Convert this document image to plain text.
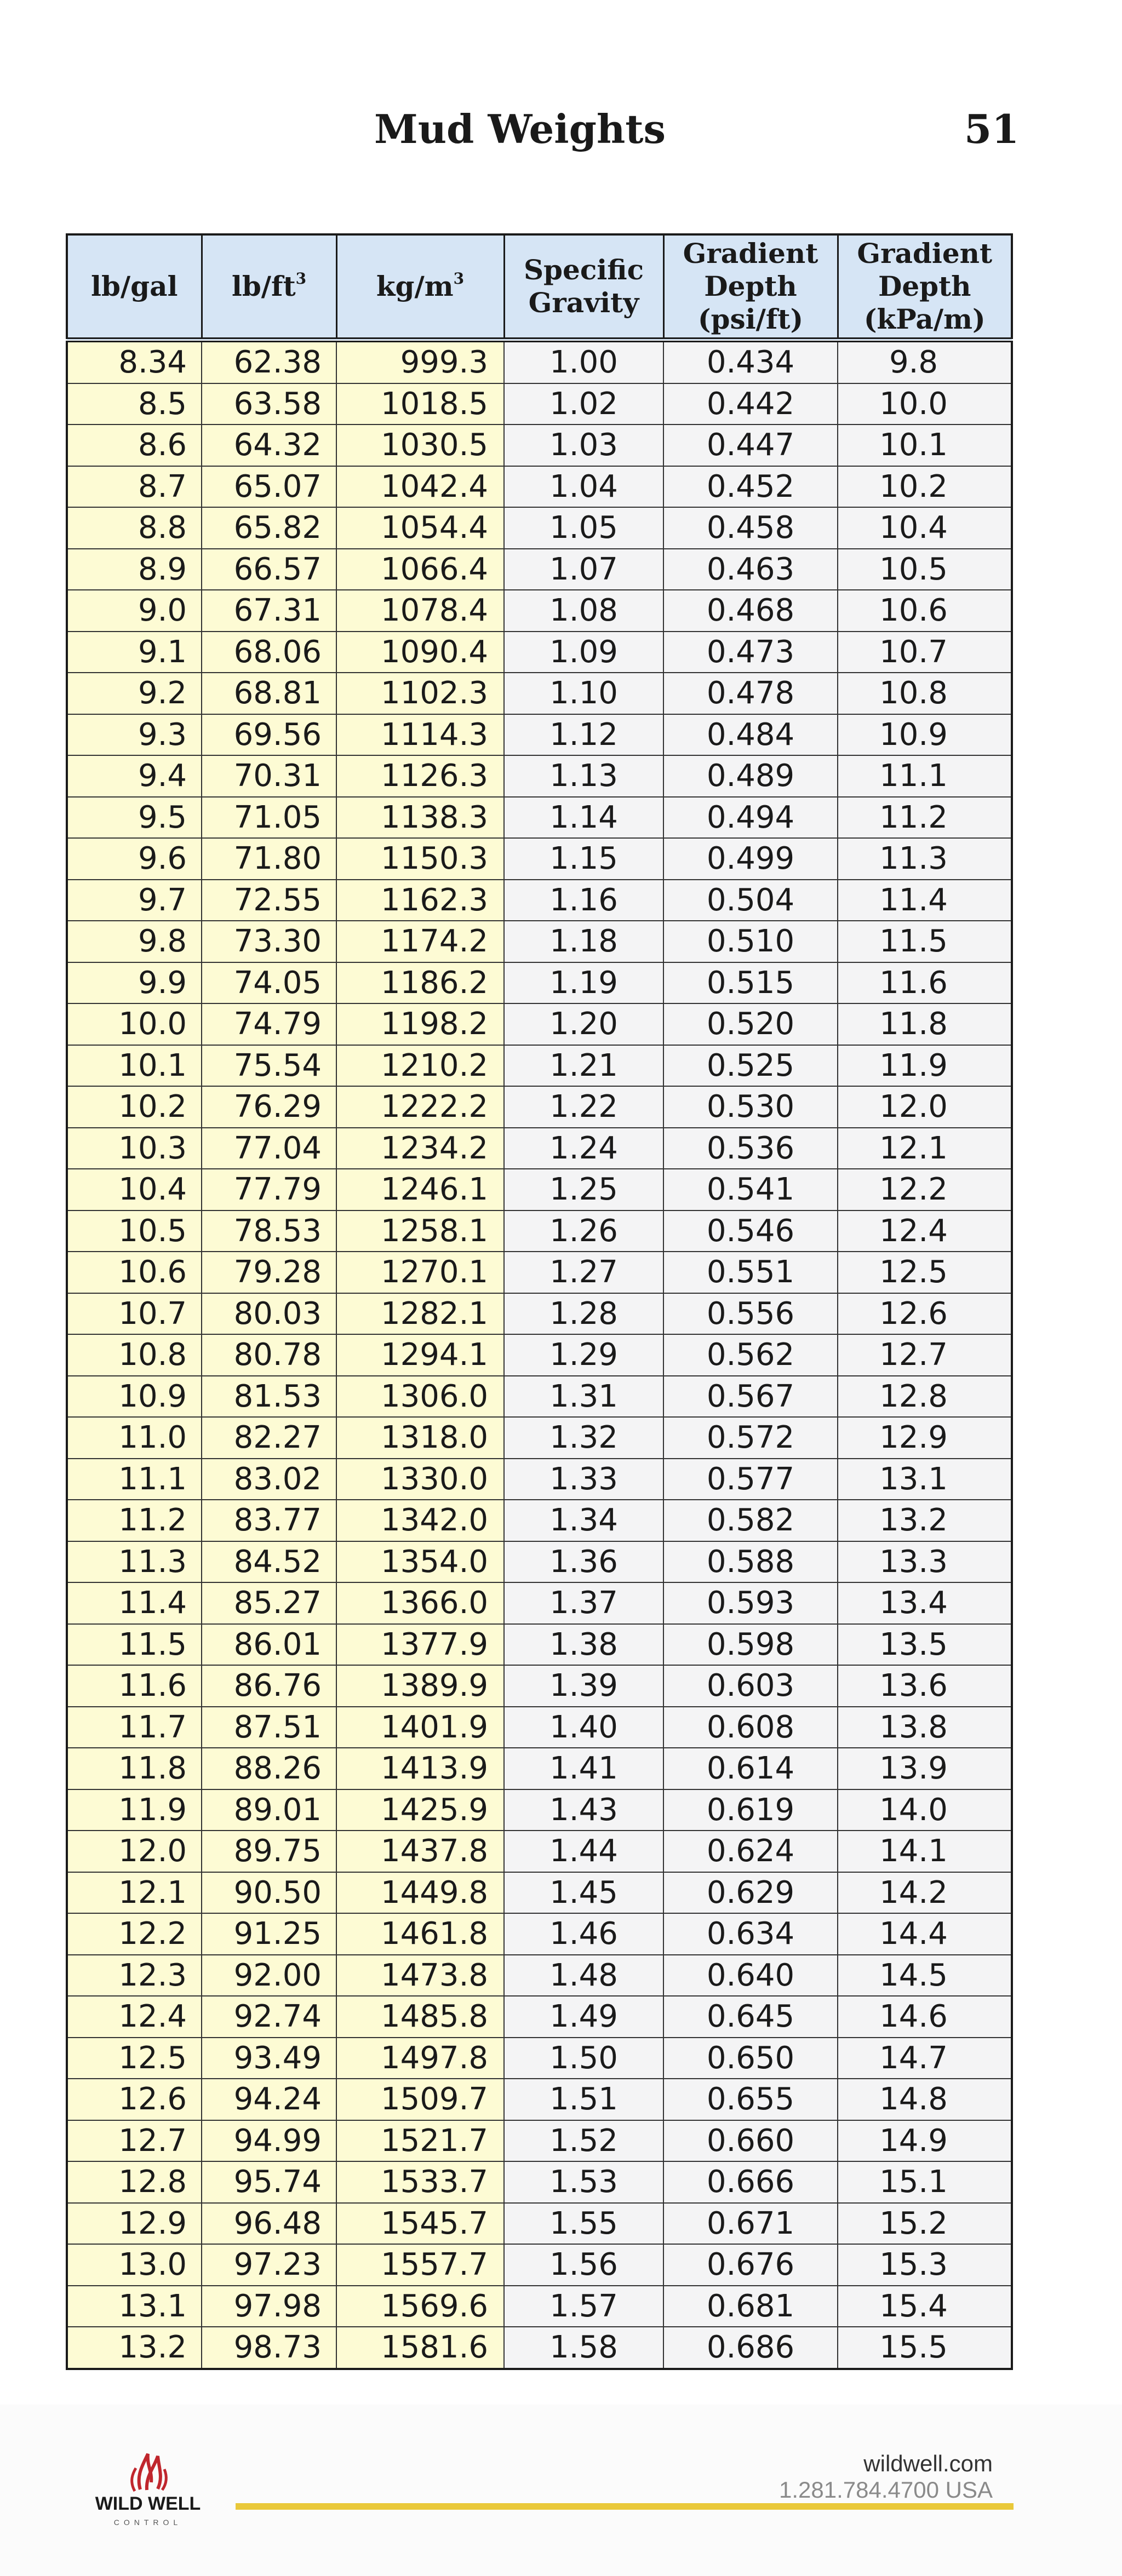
Mud Weights	51
lb/gal	$lb/ft^3$	$kg/m^3$	Specific Gravity	Gradient Depth (psi/ft)	Gradient Depth (kPa/m)
8.34	62.38	999.3	1.00	0.434	9.8
8.5	63.58	1018.5	1.02	0.442	10.0
8.6	64.32	1030.5	1.03	0.447	10.1
8.7	65.07	1042.4	1.04	0.452	10.2
8.8	65.82	1054.4	1.05	0.458	10.4
8.9	66.57	1066.4	1.07	0.463	10.5
9.0	67.31	1078.4	1.08	0.468	10.6
9.1	68.06	1090.4	1.09	0.473	10.7
9.2	68.81	1102.3	1.10	0.478	10.8
9.3	69.56	1114.3	1.12	0.484	10.9
9.4	70.31	1126.3	1.13	0.489	11.1
9.5	71.05	1138.3	1.14	0.494	11.2
9.6	71.80	1150.3	1.15	0.499	11.3
9.7	72.55	1162.3	1.16	0.504	11.4
9.8	73.30	1174.2	1.18	0.510	11.5
9.9	74.05	1186.2	1.19	0.515	11.6
10.0	74.79	1198.2	1.20	0.520	11.8
10.1	75.54	1210.2	1.21	0.525	11.9
10.2	76.29	1222.2	1.22	0.530	12.0
10.3	77.04	1234.2	1.24	0.536	12.1
10.4	77.79	1246.1	1.25	0.541	12.2
10.5	78.53	1258.1	1.26	0.546	12.4
10.6	79.28	1270.1	1.27	0.551	12.5
10.7	80.03	1282.1	1.28	0.556	12.6
10.8	80.78	1294.1	1.29	0.562	12.7
10.9	81.53	1306.0	1.31	0.567	12.8
11.0	82.27	1318.0	1.32	0.572	12.9
11.1	83.02	1330.0	1.33	0.577	13.1
11.2	83.77	1342.0	1.34	0.582	13.2
11.3	84.52	1354.0	1.36	0.588	13.3
11.4	85.27	1366.0	1.37	0.593	13.4
11.5	86.01	1377.9	1.38	0.598	13.5
11.6	86.76	1389.9	1.39	0.603	13.6
11.7	87.51	1401.9	1.40	0.608	13.8
11.8	88.26	1413.9	1.41	0.614	13.9
11.9	89.01	1425.9	1.43	0.619	14.0
12.0	89.75	1437.8	1.44	0.624	14.1
12.1	90.50	1449.8	1.45	0.629	14.2
12.2	91.25	1461.8	1.46	0.634	14.4
12.3	92.00	1473.8	1.48	0.640	14.5
12.4	92.74	1485.8	1.49	0.645	14.6
12.5	93.49	1497.8	1.50	0.650	14.7
12.6	94.24	1509.7	1.51	0.655	14.8
12.7	94.99	1521.7	1.52	0.660	14.9
12.8	95.74	1533.7	1.53	0.666	15.1
12.9	96.48	1545.7	1.55	0.671	15.2
13.0	97.23	1557.7	1.56	0.676	15.3
13.1	97.98	1569.6	1.57	0.681	15.4
13.2	98.73	1581.6	1.58	0.686	15.5
WILD WELL
CONTROL
wildwell.com
1.281.784.4700 USA
